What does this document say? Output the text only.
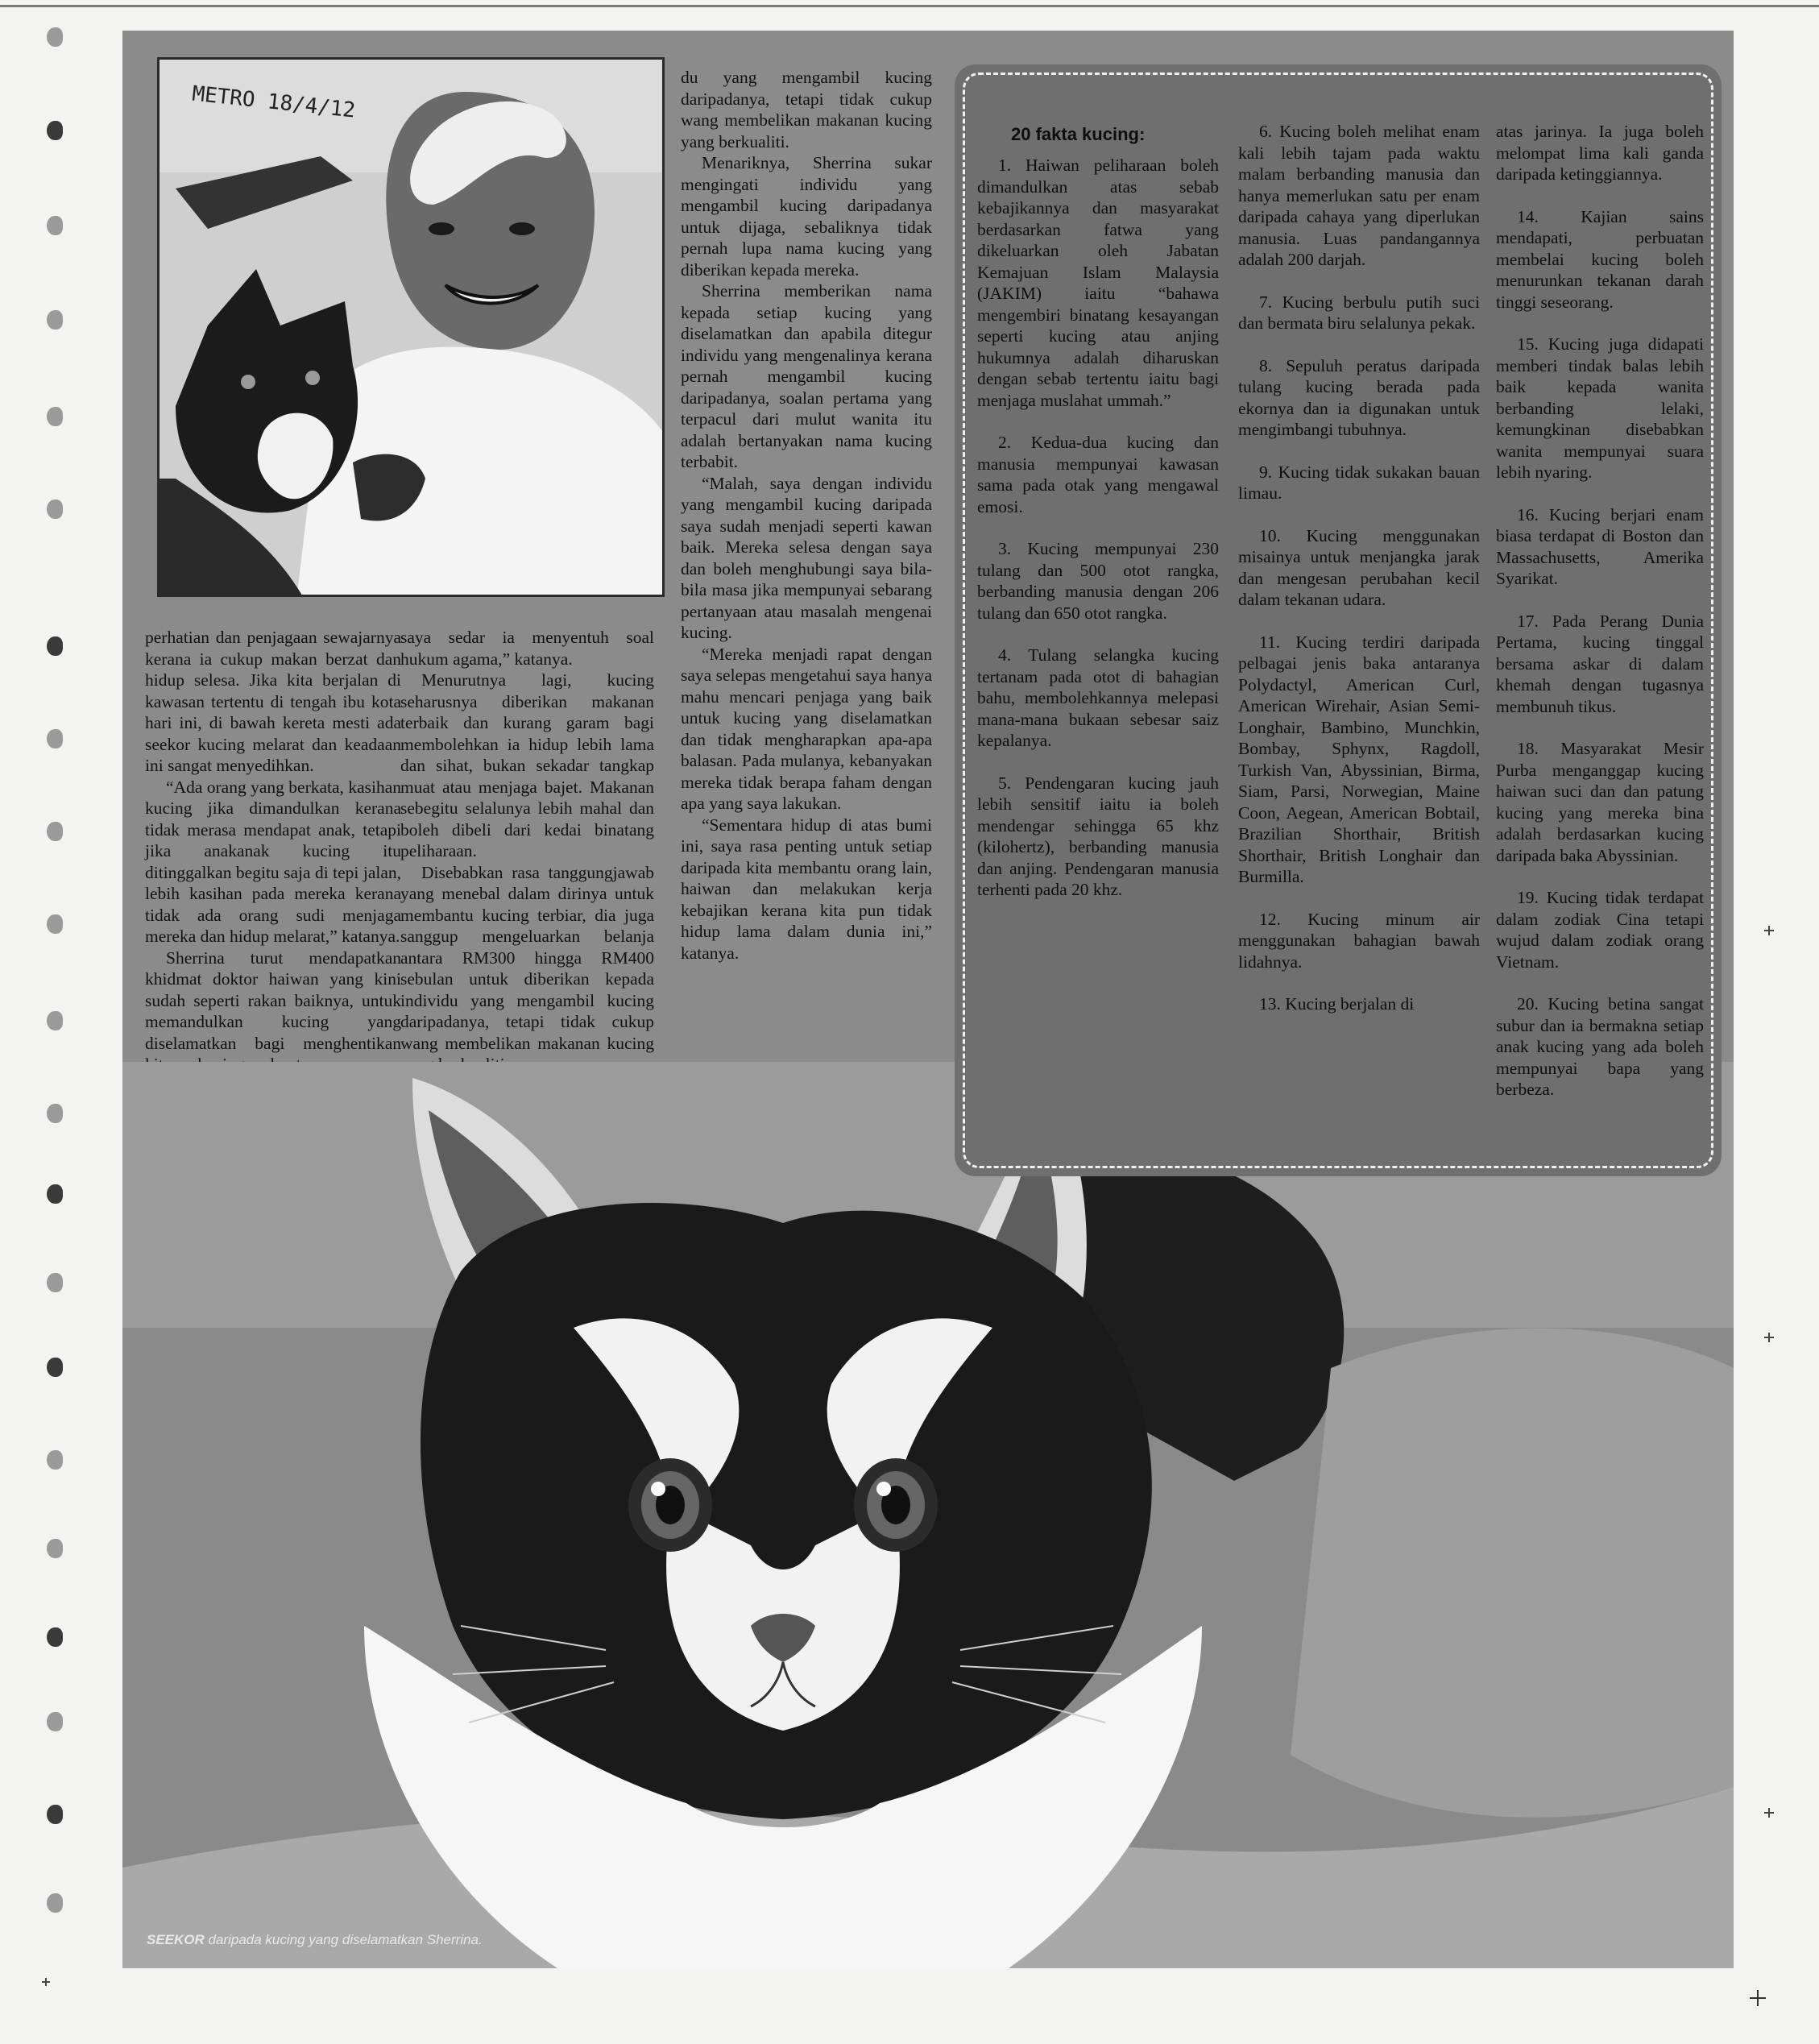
METRO 18/4/12

perhatian dan penjagaan sewajarnya kerana ia cukup makan berzat dan hidup selesa. Jika kita berjalan di kawasan tertentu di tengah ibu kota hari ini, di bawah kereta mesti ada seekor kucing melarat dan keadaan ini sangat menyedihkan.

“Ada orang yang berkata, kasihan kucing jika dimandulkan kerana tidak merasa mendapat anak, tetapi jika anakanak kucing itu ditinggalkan begitu saja di tepi jalan, lebih kasihan pada mereka kerana tidak ada orang sudi menjaga mereka dan hidup melarat,” katanya.

Sherrina turut mendapatkan khidmat doktor haiwan yang kini sudah seperti rakan baiknya, untuk memandulkan kucing yang diselamatkan bagi menghentikan

saya sedar ia menyentuh soal hukum agama,” katanya.

Menurutnya lagi, kucing seharusnya diberikan makanan terbaik dan kurang garam bagi membolehkan ia hidup lebih lama dan sihat, bukan sekadar tangkap muat atau menjaga bajet. Makanan sebegitu selalunya lebih mahal dan boleh dibeli dari kedai binatang peliharaan.

Disebabkan rasa tanggungjawab yang menebal dalam dirinya untuk membantu kucing terbiar, dia juga sanggup mengeluarkan belanja antara RM300 hingga RM400 sebulan untuk diberikan kepada individu yang mengambil kucing daripadanya, tetapi tidak cukup wang membelikan makanan kucing

du yang mengambil kucing daripadanya, tetapi tidak cukup wang membelikan makanan kucing yang berkualiti.

Menariknya, Sherrina sukar mengingati individu yang mengambil kucing daripadanya untuk dijaga, sebaliknya tidak pernah lupa nama kucing yang diberikan kepada mereka.

Sherrina memberikan nama kepada setiap kucing yang diselamatkan dan apabila ditegur individu yang mengenalinya kerana pernah mengambil kucing daripadanya, soalan pertama yang terpacul dari mulut wanita itu adalah bertanyakan nama kucing terbabit.

“Malah, saya dengan individu yang mengambil kucing daripada saya sudah menjadi seperti kawan baik. Mereka selesa dengan saya dan boleh menghubungi saya bila-bila masa jika mempunyai sebarang pertanyaan atau masalah mengenai kucing.

“Mereka menjadi rapat dengan saya selepas mengetahui saya hanya mahu mencari penjaga yang baik untuk kucing yang diselamatkan dan tidak mengharapkan apa-apa balasan. Pada mulanya, kebanyakan mereka tidak berapa faham dengan apa yang saya lakukan.

“Sementara hidup di atas bumi ini, saya rasa penting untuk setiap daripada kita membantu orang lain, haiwan dan melakukan kerja kebajikan kerana kita pun tidak hidup lama dalam dunia ini,” katanya.

20 fakta kucing:

1. Haiwan peliharaan boleh dimandulkan atas sebab kebajikannya dan masyarakat berdasarkan fatwa yang dikeluarkan oleh Jabatan Kemajuan Islam Malaysia (JAKIM) iaitu “bahawa mengembiri binatang kesayangan seperti kucing atau anjing hukumnya adalah diharuskan dengan sebab tertentu iaitu bagi menjaga muslahat ummah.”

2. Kedua-dua kucing dan manusia mempunyai kawasan sama pada otak yang mengawal emosi.

3. Kucing mempunyai 230 tulang dan 500 otot rangka, berbanding manusia dengan 206 tulang dan 650 otot rangka.

4. Tulang selangka kucing tertanam pada otot di bahagian bahu, membolehkannya melepasi mana-mana bukaan sebesar saiz kepalanya.

5. Pendengaran kucing jauh lebih sensitif iaitu ia boleh mendengar sehingga 65 khz (kilohertz), berbanding manusia dan anjing. Pendengaran manusia terhenti pada 20 khz.

6. Kucing boleh melihat enam kali lebih tajam pada waktu malam berbanding manusia dan hanya memerlukan satu per enam daripada cahaya yang diperlukan manusia. Luas pandangannya adalah 200 darjah.

7. Kucing berbulu putih suci dan bermata biru selalunya pekak.

8. Sepuluh peratus daripada tulang kucing berada pada ekornya dan ia digunakan untuk mengimbangi tubuhnya.

9. Kucing tidak sukakan bauan limau.

10. Kucing menggunakan misainya untuk menjangka jarak dan mengesan perubahan kecil dalam tekanan udara.

11. Kucing terdiri daripada pelbagai jenis baka antaranya Polydactyl, American Curl, American Wirehair, Asian Semi-Longhair, Bambino, Munchkin, Bombay, Sphynx, Ragdoll, Turkish Van, Abyssinian, Birma, Siam, Parsi, Norwegian, Maine Coon, Aegean, American Bobtail, Brazilian Shorthair, British Shorthair, British Longhair dan Burmilla.

12. Kucing minum air menggunakan bahagian bawah lidahnya.

13. Kucing berjalan di

atas jarinya. Ia juga boleh melompat lima kali ganda daripada ketinggiannya.

14. Kajian sains mendapati, perbuatan membelai kucing boleh menurunkan tekanan darah tinggi seseorang.

15. Kucing juga didapati memberi tindak balas lebih baik kepada wanita berbanding lelaki, kemungkinan disebabkan wanita mempunyai suara lebih nyaring.

16. Kucing berjari enam biasa terdapat di Boston dan Massachusetts, Amerika Syarikat.

17. Pada Perang Dunia Pertama, kucing tinggal bersama askar di dalam khemah dengan tugasnya membunuh tikus.

18. Masyarakat Mesir Purba menganggap kucing haiwan suci dan dan patung kucing yang mereka bina adalah berdasarkan kucing daripada baka Abyssinian.

19. Kucing tidak terdapat dalam zodiak Cina tetapi wujud dalam zodiak orang Vietnam.

20. Kucing betina sangat subur dan ia bermakna setiap anak kucing yang ada boleh mempunyai bapa yang berbeza.

SEEKOR daripada kucing yang diselamatkan Sherrina.
